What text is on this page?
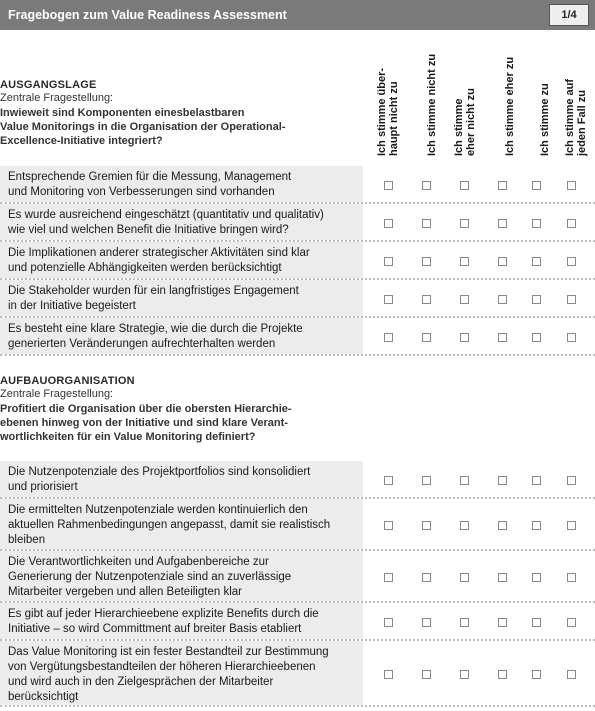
Fragebogen zum Value Readiness Assessment	1/4
Ich stimme über-
haupt nicht zu Ich stimme nicht zu Ich stimme
eher nicht zu Ich stimme eher zu Ich stimme zu Ich stimme auf
jeden Fall zu
AUSGANGSLAGE
Zentrale Fragestellung:
Inwieweit sind Komponenten einesbelastbaren
Value Monitorings in die Organisation der Operational-
Excellence-Initiative integriert?
AUFBAUORGANISATION
Zentrale Fragestellung:
Profitiert die Organisation über die obersten Hierarchie-
ebenen hinweg von der Initiative und sind klare Verant-
wortlichkeiten für ein Value Monitoring definiert?
Entsprechende Gremien für die Messung, Management
und Monitoring von Verbesserungen sind vorhanden
Es wurde ausreichend eingeschätzt (quantitativ und qualitativ)
wie viel und welchen Benefit die Initiative bringen wird?
Die Implikationen anderer strategischer Aktivitäten sind klar
und potenzielle Abhängigkeiten werden berücksichtigt
Die Stakeholder wurden für ein langfristiges Engagement
in der Initiative begeistert
Es besteht eine klare Strategie, wie die durch die Projekte
generierten Veränderungen aufrechterhalten werden
Die Nutzenpotenziale des Projektportfolios sind konsolidiert
und priorisiert
Die ermittelten Nutzenpotenziale werden kontinuierlich den
aktuellen Rahmenbedingungen angepasst, damit sie realistisch
bleiben
Die Verantwortlichkeiten und Aufgabenbereiche zur
Generierung der Nutzenpotenziale sind an zuverlässige
Mitarbeiter vergeben und allen Beteiligten klar
Es gibt auf jeder Hierarchieebene explizite Benefits durch die
Initiative – so wird Committment auf breiter Basis etabliert
Das Value Monitoring ist ein fester Bestandteil zur Bestimmung
von Vergütungsbestandteilen der höheren Hierarchieebenen
und wird auch in den Zielgesprächen der Mitarbeiter
berücksichtigt
